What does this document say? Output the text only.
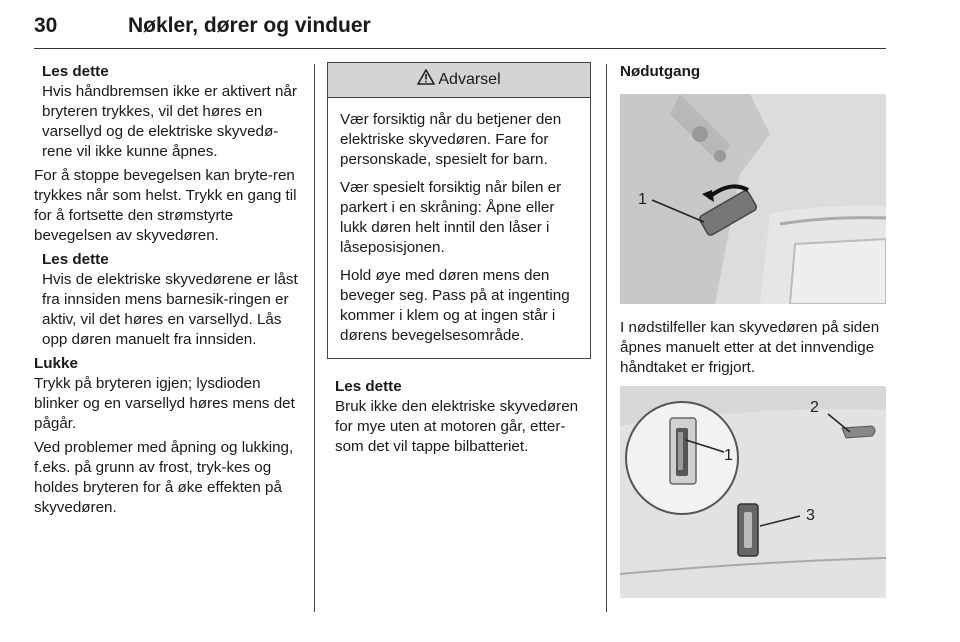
30	Nøkler, dører og vinduer
Les dette
Hvis håndbremsen ikke er aktivert når bryteren trykkes, vil det høres en varsellyd og de elektriske skyvedø-rene vil ikke kunne åpnes.

For å stoppe bevegelsen kan bryte-ren trykkes når som helst. Trykk en gang til for å fortsette den strømstyrte bevegelsen av skyvedøren.

Les dette
Hvis de elektriske skyvedørene er låst fra innsiden mens barnesik-ringen er aktiv, vil det høres en varsellyd. Lås opp døren manuelt fra innsiden.
Lukke

Trykk på bryteren igjen; lysdioden blinker og en varsellyd høres mens det pågår.

Ved problemer med åpning og lukking, f.eks. på grunn av frost, tryk-kes og holdes bryteren for å øke effekten på skyvedøren.

Advarsel

Vær forsiktig når du betjener den elektriske skyvedøren. Fare for personskade, spesielt for barn.

Vær spesielt forsiktig når bilen er parkert i en skråning: Åpne eller lukk døren helt inntil den låser i låseposisjonen.

Hold øye med døren mens den beveger seg. Pass på at ingenting kommer i klem og at ingen står i dørens bevegelsesområde.

Les dette
Bruk ikke den elektriske skyvedøren for mye uten at motoren går, etter-som det vil tappe bilbatteriet.
Nødutgang
1

I nødstilfeller kan skyvedøren på siden åpnes manuelt etter at det innvendige håndtaket er frigjort.

2
3
1
